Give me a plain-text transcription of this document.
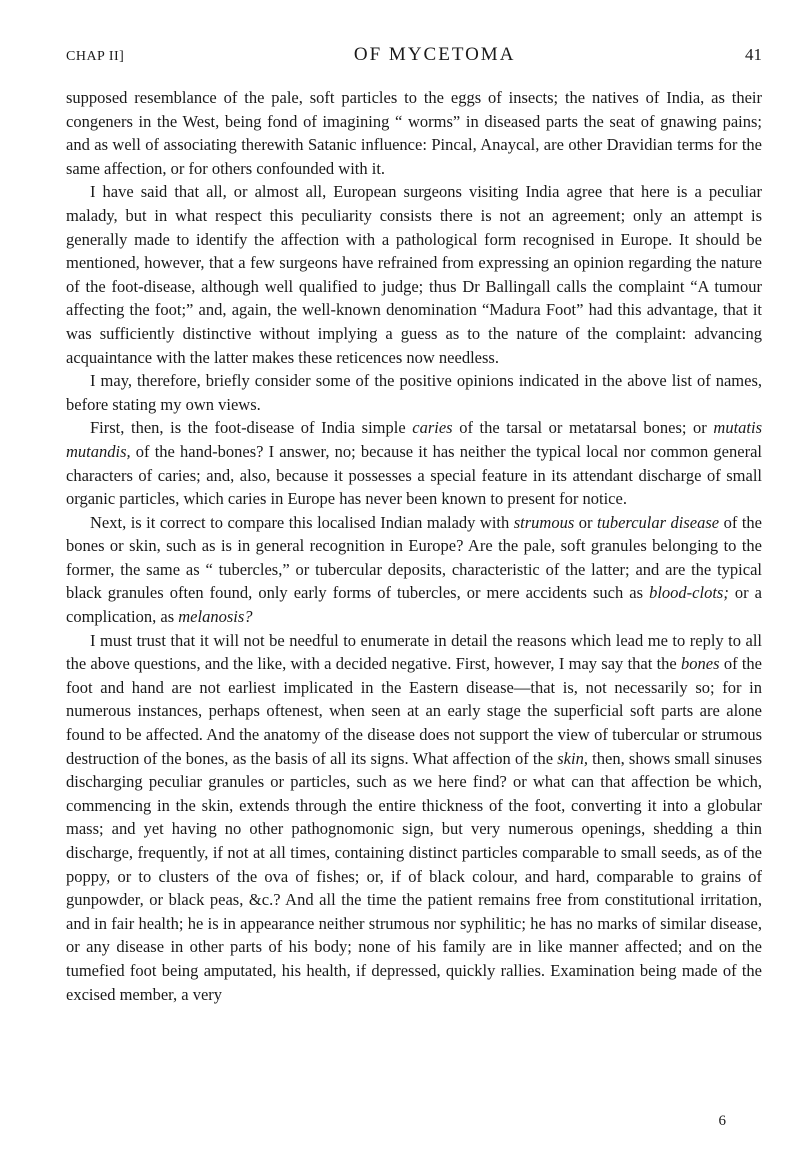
CHAP II]	OF MYCETOMA	41

supposed resemblance of the pale, soft particles to the eggs of insects; the natives of India, as their congeners in the West, being fond of imagining “ worms” in diseased parts the seat of gnawing pains; and as well of associating therewith Satanic influence: Pincal, Anaycal, are other Dravidian terms for the same affection, or for others confounded with it.

I have said that all, or almost all, European surgeons visiting India agree that here is a peculiar malady, but in what respect this peculiarity consists there is not an agreement; only an attempt is generally made to identify the affection with a pathological form recognised in Europe. It should be mentioned, however, that a few surgeons have refrained from expressing an opinion regarding the nature of the foot-disease, although well qualified to judge; thus Dr Ballingall calls the complaint “A tumour affecting the foot;” and, again, the well-known denomination “Madura Foot” had this advantage, that it was sufficiently distinctive without implying a guess as to the nature of the complaint: advancing acquaintance with the latter makes these reticences now needless.

I may, therefore, briefly consider some of the positive opinions indicated in the above list of names, before stating my own views.

First, then, is the foot-disease of India simple caries of the tarsal or metatarsal bones; or mutatis mutandis, of the hand-bones? I answer, no; because it has neither the typical local nor common general characters of caries; and, also, because it possesses a special feature in its attendant discharge of small organic particles, which caries in Europe has never been known to present for notice.

Next, is it correct to compare this localised Indian malady with strumous or tubercular disease of the bones or skin, such as is in general recognition in Europe? Are the pale, soft granules belonging to the former, the same as “ tubercles,” or tubercular deposits, characteristic of the latter; and are the typical black granules often found, only early forms of tubercles, or mere accidents such as blood-clots; or a complication, as melanosis?

I must trust that it will not be needful to enumerate in detail the reasons which lead me to reply to all the above questions, and the like, with a decided negative. First, however, I may say that the bones of the foot and hand are not earliest implicated in the Eastern disease—that is, not necessarily so; for in numerous instances, perhaps oftenest, when seen at an early stage the superficial soft parts are alone found to be affected. And the anatomy of the disease does not support the view of tubercular or strumous destruction of the bones, as the basis of all its signs. What affection of the skin, then, shows small sinuses discharging peculiar granules or particles, such as we here find? or what can that affection be which, commencing in the skin, extends through the entire thickness of the foot, converting it into a globular mass; and yet having no other pathognomonic sign, but very numerous openings, shedding a thin discharge, frequently, if not at all times, containing distinct particles comparable to small seeds, as of the poppy, or to clusters of the ova of fishes; or, if of black colour, and hard, comparable to grains of gunpowder, or black peas, &c.? And all the time the patient remains free from constitutional irritation, and in fair health; he is in appearance neither strumous nor syphilitic; he has no marks of similar disease, or any disease in other parts of his body; none of his family are in like manner affected; and on the tumefied foot being amputated, his health, if depressed, quickly rallies. Examination being made of the excised member, a very

6
